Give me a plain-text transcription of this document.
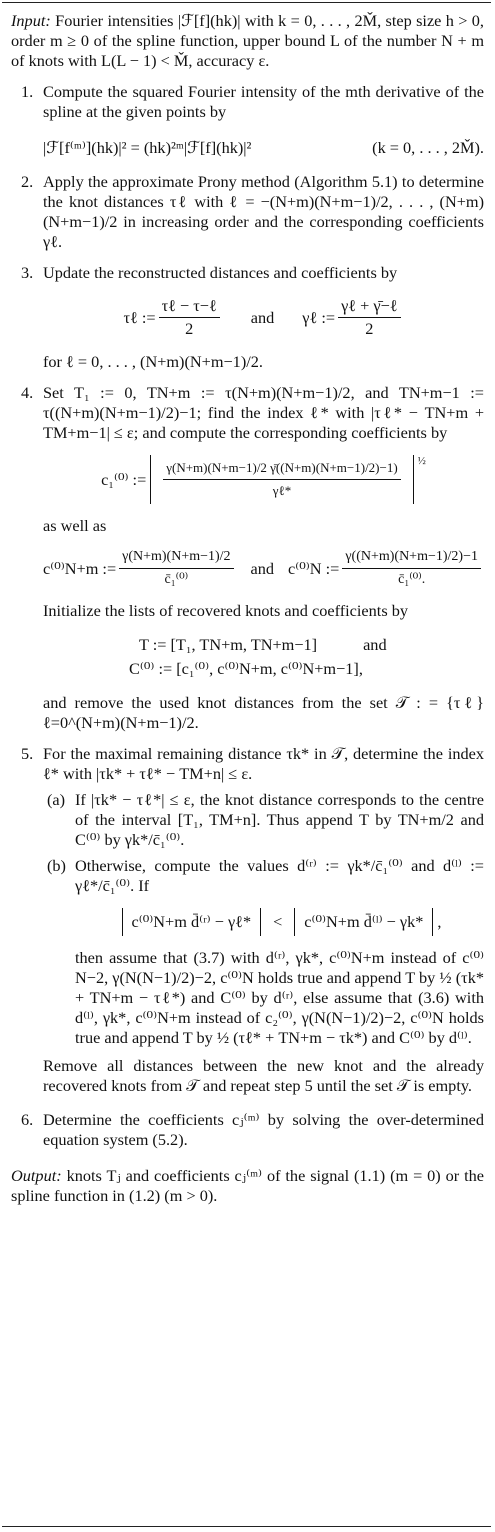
Input: Fourier intensities |ℱ[f](hk)| with k = 0, . . . , 2M̌, step size h > 0, order m ≥ 0 of the spline function, upper bound L of the number N + m of knots with L(L − 1) < M̌, accuracy ε.

1. Compute the squared Fourier intensity of the mth derivative of the spline at the given points by

|ℱ[f⁽ᵐ⁾](hk)|² = (hk)²ᵐ|ℱ[f](hk)|²	(k = 0, . . . , 2M̌).
2. Apply the approximate Prony method (Algorithm 5.1) to determine the knot distances τℓ with ℓ = −(N+m)(N+m−1)/2, . . . , (N+m)(N+m−1)/2 in increasing order and the corresponding coefficients γℓ.

3. Update the reconstructed distances and coefficients by

τℓ := $\frac{\text{τℓ − τ−ℓ}}{2}$ and γℓ := $\frac{\text{γℓ + γ̄−ℓ}}{2}$

for ℓ = 0, . . . , (N+m)(N+m−1)/2.

4. Set T₁ := 0, TN+m := τ(N+m)(N+m−1)/2, and TN+m−1 := τ((N+m)(N+m−1)/2)−1; find the index ℓ* with |τℓ* − TN+m + TM+m−1| ≤ ε; and compute the corresponding coefficients by

c₁⁽⁰⁾ := $\frac{\gamma(N+m)(N+m-1)/2 \gammā((N+m)(N+m-1)/2)-1)}{\text{γℓ*}}$ ½

as well as

c⁽⁰⁾N+m := $\frac{\gamma(N+m)(N+m-1)/2}{\text{c̄₁⁽⁰⁾}}$ and c⁽⁰⁾N := $\frac{\gamma((N+m)(N+m-1)/2)-1}{\text{c̄₁⁽⁰⁾.}}$

Initialize the lists of recovered knots and coefficients by

T := [T₁, TN+m, TN+m−1]	and
C⁽⁰⁾ := [c₁⁽⁰⁾, c⁽⁰⁾N+m, c⁽⁰⁾N+m−1],

and remove the used knot distances from the set 𝒯 : = {τℓ}ℓ=0^(N+m)(N+m−1)/2.

5. For the maximal remaining distance τk* in 𝒯, determine the index ℓ* with |τk* + τℓ* − TM+n| ≤ ε.

(a) If |τk* − τℓ*| ≤ ε, the knot distance corresponds to the centre of the interval [T₁, TM+n]. Thus append T by TN+m/2 and C⁽⁰⁾ by γk*/c̄₁⁽⁰⁾.

(b) Otherwise, compute the values d⁽ʳ⁾ := γk*/c̄₁⁽⁰⁾ and d⁽ˡ⁾ := γℓ*/c̄₁⁽⁰⁾. If

c⁽⁰⁾N+m d̄⁽ʳ⁾ − γℓ*	<	c⁽⁰⁾N+m d̄⁽ˡ⁾ − γk* ,

then assume that (3.7) with d⁽ʳ⁾, γk*, c⁽⁰⁾N+m instead of c⁽⁰⁾N−2, γ(N(N−1)/2)−2, c⁽⁰⁾N holds true and append T by ½ (τk* + TN+m − τℓ*) and C⁽⁰⁾ by d⁽ʳ⁾, else assume that (3.6) with d⁽ˡ⁾, γk*, c⁽⁰⁾N+m instead of c₂⁽⁰⁾, γ(N(N−1)/2)−2, c⁽⁰⁾N holds true and append T by ½ (τℓ* + TN+m − τk*) and C⁽⁰⁾ by d⁽ˡ⁾.

Remove all distances between the new knot and the already recovered knots from 𝒯 and repeat step 5 until the set 𝒯 is empty.

6. Determine the coefficients cⱼ⁽ᵐ⁾ by solving the over-determined equation system (5.2).

Output: knots Tⱼ and coefficients cⱼ⁽ᵐ⁾ of the signal (1.1) (m = 0) or the spline function in (1.2) (m > 0).
